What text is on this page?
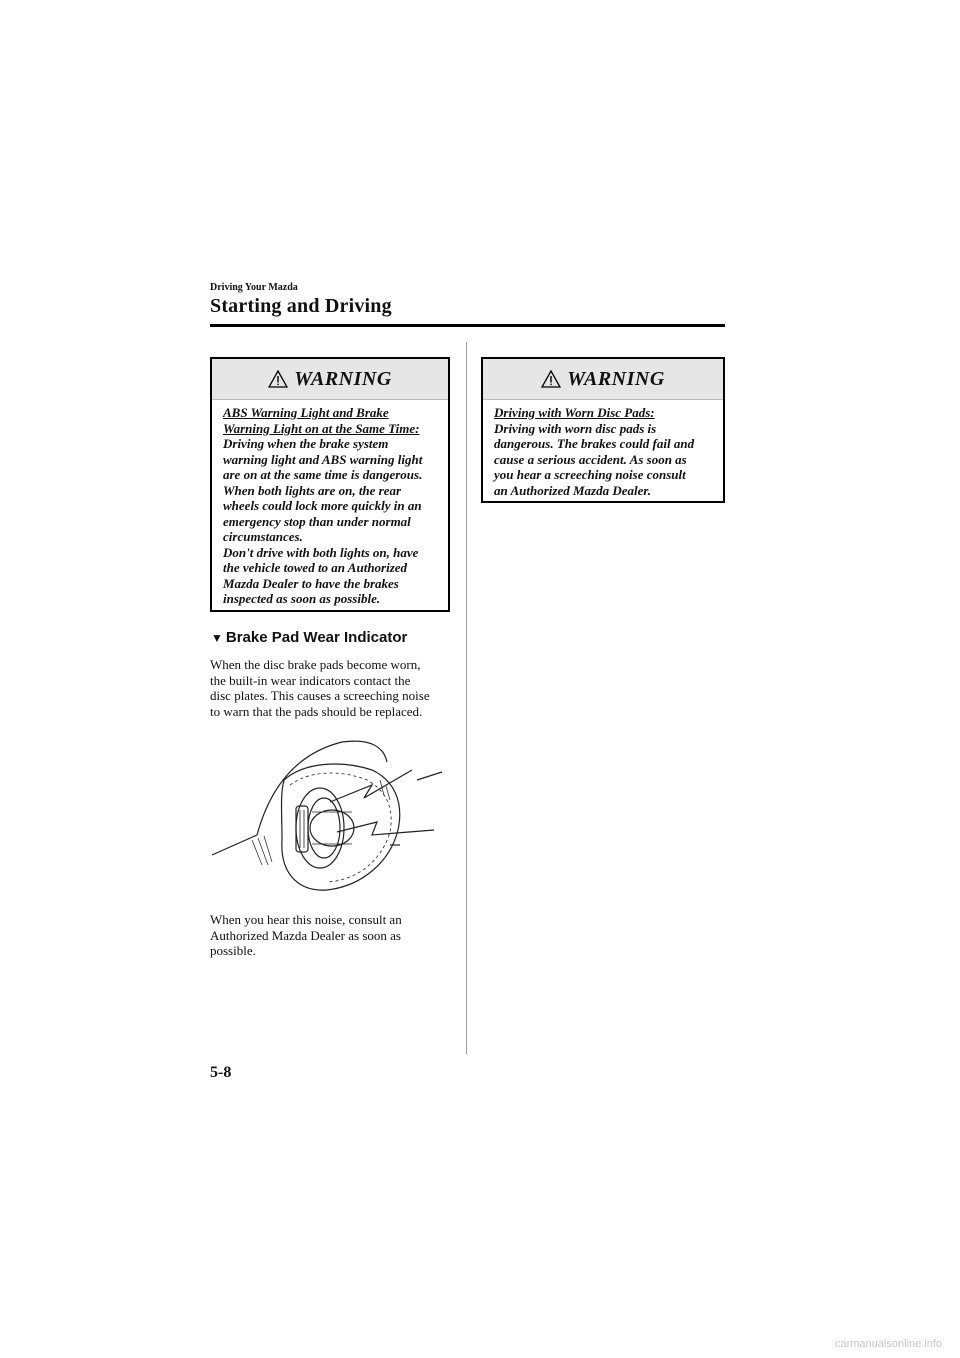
Driving Your Mazda
Starting and Driving
WARNING
ABS Warning Light and Brake
Warning Light on at the Same Time:
Driving when the brake system
warning light and ABS warning light
are on at the same time is dangerous.
When both lights are on, the rear
wheels could lock more quickly in an
emergency stop than under normal
circumstances.
Don't drive with both lights on, have
the vehicle towed to an Authorized
Mazda Dealer to have the brakes
inspected as soon as possible.
▼ Brake Pad Wear Indicator
When the disc brake pads become worn,
the built-in wear indicators contact the
disc plates. This causes a screeching noise
to warn that the pads should be replaced.
When you hear this noise, consult an
Authorized Mazda Dealer as soon as
possible.
WARNING
Driving with Worn Disc Pads:
Driving with worn disc pads is
dangerous. The brakes could fail and
cause a serious accident. As soon as
you hear a screeching noise consult
an Authorized Mazda Dealer.
5-8
carmanualsonline.info
